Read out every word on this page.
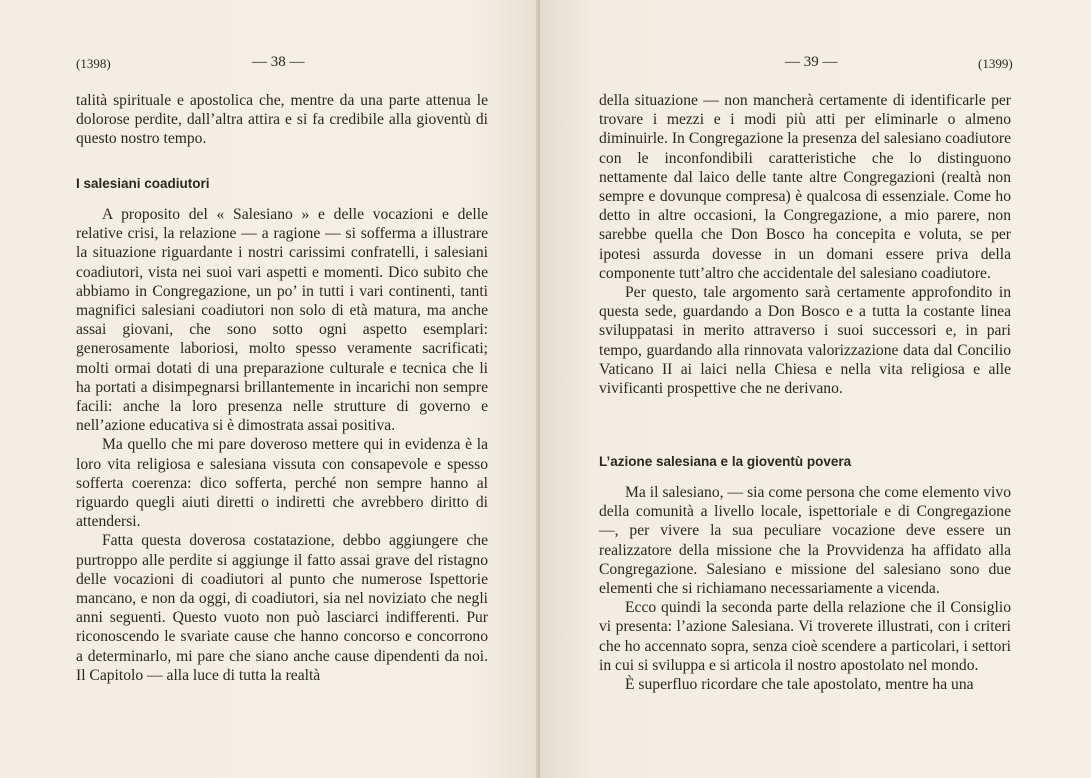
(1398)	— 38 —

talità spirituale e apostolica che, mentre da una parte attenua le dolorose perdite, dall’altra attira e si fa credibile alla gioventù di questo nostro tempo.

I salesiani coadiutori

A proposito del « Salesiano » e delle vocazioni e delle relative crisi, la relazione — a ragione — si sofferma a illustrare la situazione riguardante i nostri carissimi confratelli, i salesiani coadiutori, vista nei suoi vari aspetti e momenti. Dico subito che abbiamo in Congregazione, un po’ in tutti i vari continenti, tanti magnifici salesiani coadiutori non solo di età matura, ma anche assai giovani, che sono sotto ogni aspetto esemplari: generosamente laboriosi, molto spesso veramente sacrificati; molti ormai dotati di una preparazione culturale e tecnica che li ha portati a disimpegnarsi brillantemente in incarichi non sempre facili: anche la loro presenza nelle strutture di governo e nell’azione educativa si è dimostrata assai positiva.

Ma quello che mi pare doveroso mettere qui in evidenza è la loro vita religiosa e salesiana vissuta con consapevole e spesso sofferta coerenza: dico sofferta, perché non sempre hanno al riguardo quegli aiuti diretti o indiretti che avrebbero diritto di attendersi.

Fatta questa doverosa costatazione, debbo aggiungere che purtroppo alle perdite si aggiunge il fatto assai grave del ristagno delle vocazioni di coadiutori al punto che numerose Ispettorie mancano, e non da oggi, di coadiutori, sia nel noviziato che negli anni seguenti. Questo vuoto non può lasciarci indifferenti. Pur riconoscendo le svariate cause che hanno concorso e concorrono a determinarlo, mi pare che siano anche cause dipendenti da noi. Il Capitolo — alla luce di tutta la realtà

— 39 —	(1399)

della situazione — non mancherà certamente di identificarle per trovare i mezzi e i modi più atti per eliminarle o almeno diminuirle. In Congregazione la presenza del salesiano coadiutore con le inconfondibili caratteristiche che lo distinguono nettamente dal laico delle tante altre Congregazioni (realtà non sempre e dovunque compresa) è qualcosa di essenziale. Come ho detto in altre occasioni, la Congregazione, a mio parere, non sarebbe quella che Don Bosco ha concepita e voluta, se per ipotesi assurda dovesse in un domani essere priva della componente tutt’altro che accidentale del salesiano coadiutore.

Per questo, tale argomento sarà certamente approfondito in questa sede, guardando a Don Bosco e a tutta la costante linea sviluppatasi in merito attraverso i suoi successori e, in pari tempo, guardando alla rinnovata valorizzazione data dal Concilio Vaticano II ai laici nella Chiesa e nella vita religiosa e alle vivificanti prospettive che ne derivano.

L’azione salesiana e la gioventù povera

Ma il salesiano, — sia come persona che come elemento vivo della comunità a livello locale, ispettoriale e di Congregazione —, per vivere la sua peculiare vocazione deve essere un realizzatore della missione che la Provvidenza ha affidato alla Congregazione. Salesiano e missione del salesiano sono due elementi che si richiamano necessariamente a vicenda.

Ecco quindi la seconda parte della relazione che il Consiglio vi presenta: l’azione Salesiana. Vi troverete illustrati, con i criteri che ho accennato sopra, senza cioè scendere a particolari, i settori in cui si sviluppa e si articola il nostro apostolato nel mondo.

È superfluo ricordare che tale apostolato, mentre ha una
